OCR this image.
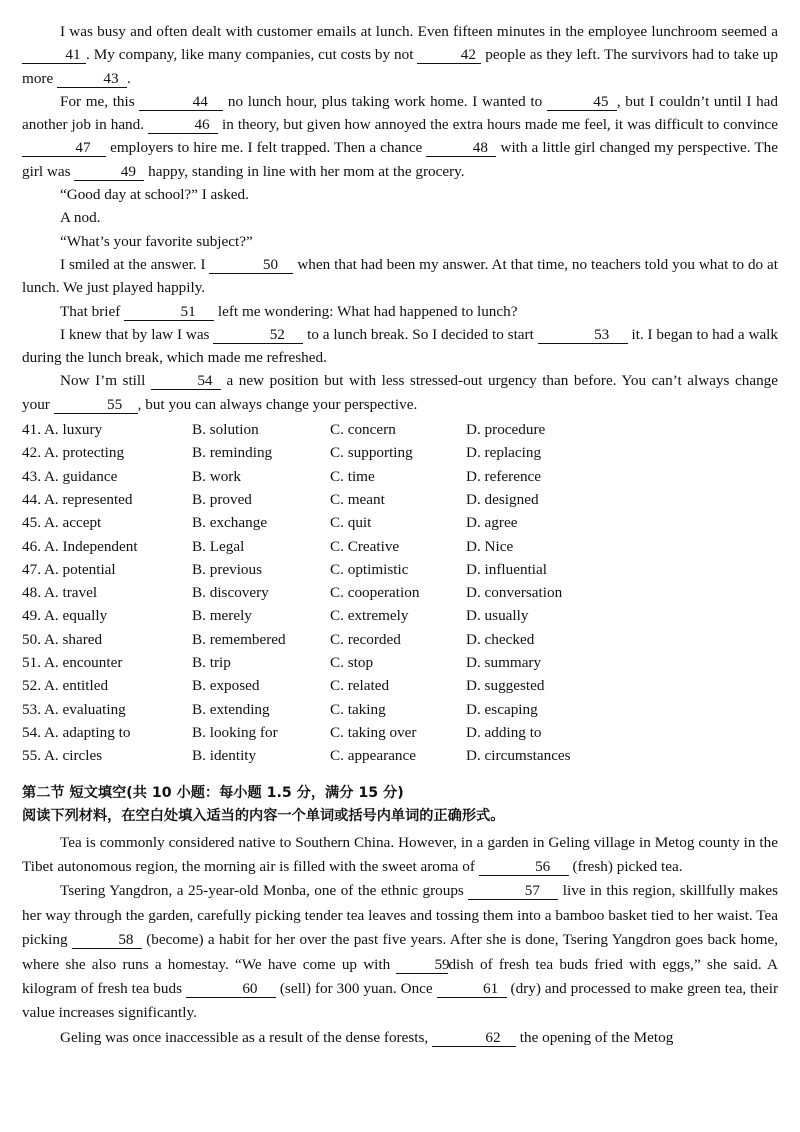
I was busy and often dealt with customer emails at lunch. Even fifteen minutes in the employee lunchroom seemed a 41 . My company, like many companies, cut costs by not	42 people as they left. The survivors had to take up more	43 .

For me, this	44 no lunch hour, plus taking work home. I wanted to	45 , but I couldn’t until I had another job in hand.	46 in theory, but given how annoyed the extra hours made me feel, it was difficult to convince 47 employers to hire me. I felt trapped. Then a chance	48 with a little girl changed my perspective. The girl was	49 happy, standing in line with her mom at the grocery.

“Good day at school?” I asked.

A nod.

“What’s your favorite subject?”

I smiled at the answer. I	50 when that had been my answer. At that time, no teachers told you what to do at lunch. We just played happily.

That brief	51 left me wondering: What had happened to lunch?

I knew that by law I was	52 to a lunch break. So I decided to start	53 it. I began to had a walk during the lunch break, which made me refreshed.

Now I’m still	54 a new position but with less stressed-out urgency than before. You can’t always change your	55 , but you can always change your perspective.

41. A. luxury	B. solution	C. concern	D. procedure
42. A. protecting	B. reminding	C. supporting	D. replacing
43. A. guidance	B. work	C. time	D. reference
44. A. represented	B. proved	C. meant	D. designed
45. A. accept	B. exchange	C. quit	D. agree
46. A. Independent	B. Legal	C. Creative	D. Nice
47. A. potential	B. previous	C. optimistic	D. influential
48. A. travel	B. discovery	C. cooperation	D. conversation
49. A. equally	B. merely	C. extremely	D. usually
50. A. shared	B. remembered	C. recorded	D. checked
51. A. encounter	B. trip	C. stop	D. summary
52. A. entitled	B. exposed	C. related	D. suggested
53. A. evaluating	B. extending	C. taking	D. escaping
54. A. adapting to	B. looking for	C. taking over	D. adding to
55. A. circles	B. identity	C. appearance	D. circumstances
第二节 短文填空(共 10 小题：每小题 1.5 分，满分 15 分)
阅读下列材料，在空白处填入适当的内容一个单词或括号内单词的正确形式。

Tea is commonly considered native to Southern China. However, in a garden in Geling village in Metog county in the Tibet autonomous region, the morning air is filled with the sweet aroma of	56 (fresh) picked tea.

Tsering Yangdron, a 25-year-old Monba, one of the ethnic groups	57 live in this region, skillfully makes her way through the garden, carefully picking tender tea leaves and tossing them into a bamboo basket tied to her waist. Tea picking	58 (become) a habit for her over the past five years. After she is done, Tsering Yangdron goes back home, where she also runs a homestay. “We have come up with	59dish of fresh tea buds fried with eggs,” she said. A kilogram of fresh tea buds	60 (sell) for 300 yuan. Once	61 (dry) and processed to make green tea, their value increases significantly.

Geling was once inaccessible as a result of the dense forests,	62 the opening of the Metog
